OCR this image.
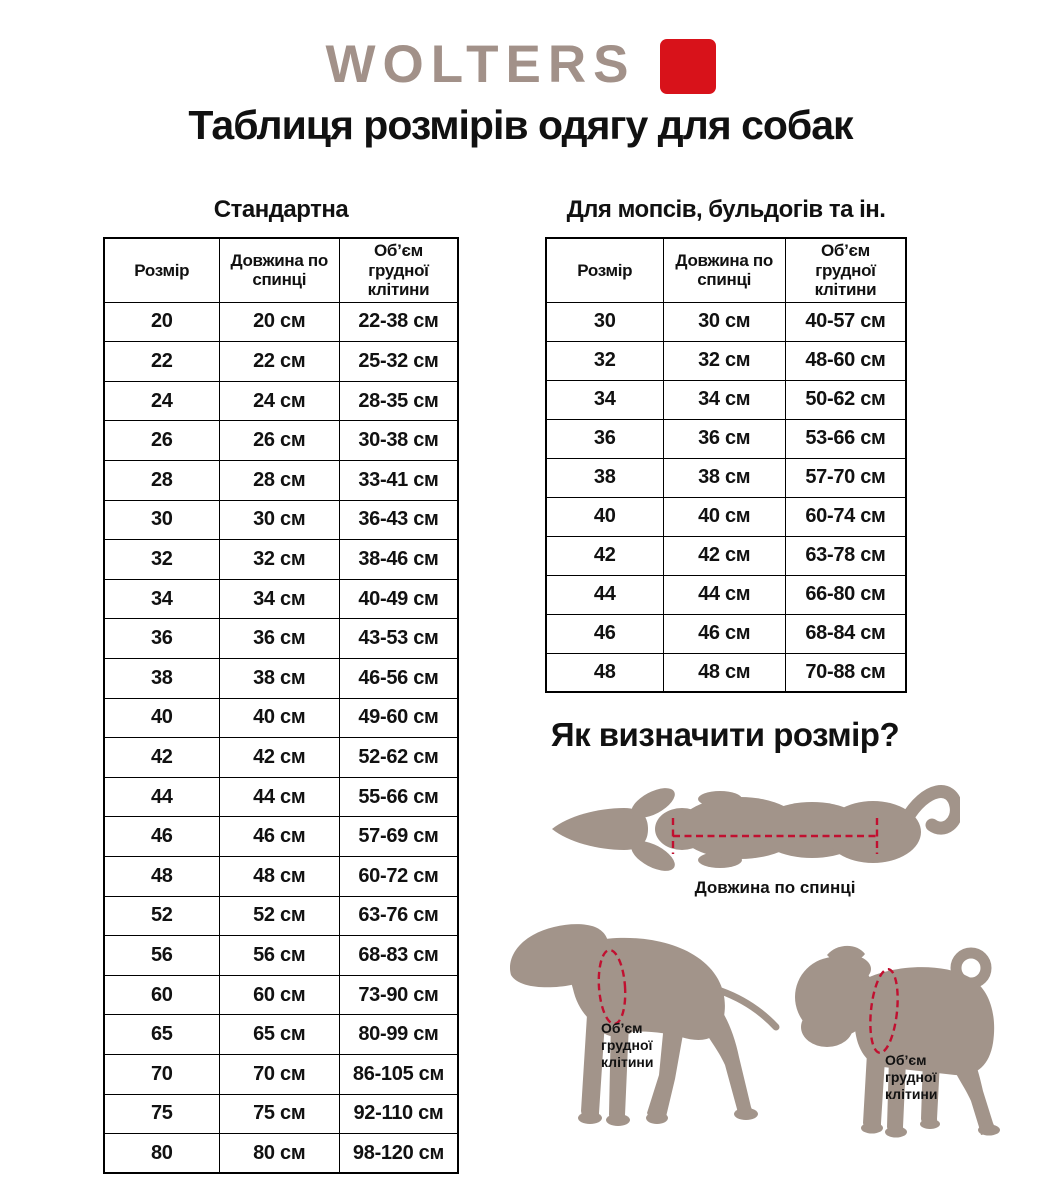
WOLTERS
Таблиця розмірів одягу для собак
Стандартна	Для мопсів, бульдогів та ін.
Розмір	Довжина по спинці	Об’єм грудної клітини
20	20 см	22-38 см
22	22 см	25-32 см
24	24 см	28-35 см
26	26 см	30-38 см
28	28 см	33-41 см
30	30 см	36-43 см
32	32 см	38-46 см
34	34 см	40-49 см
36	36 см	43-53 см
38	38 см	46-56 см
40	40 см	49-60 см
42	42 см	52-62 см
44	44 см	55-66 см
46	46 см	57-69 см
48	48 см	60-72 см
52	52 см	63-76 см
56	56 см	68-83 см
60	60 см	73-90 см
65	65 см	80-99 см
70	70 см	86-105 см
75	75 см	92-110 см
80	80 см	98-120 см
Розмір	Довжина по спинці	Об’єм грудної клітини
30	30 см	40-57 см
32	32 см	48-60 см
34	34 см	50-62 см
36	36 см	53-66 см
38	38 см	57-70 см
40	40 см	60-74 см
42	42 см	63-78 см
44	44 см	66-80 см
46	46 см	68-84 см
48	48 см	70-88 см
Як визначити розмір?
Довжина по спинці
Об’єм
грудної
клітини	Об’єм
грудної
клітини
